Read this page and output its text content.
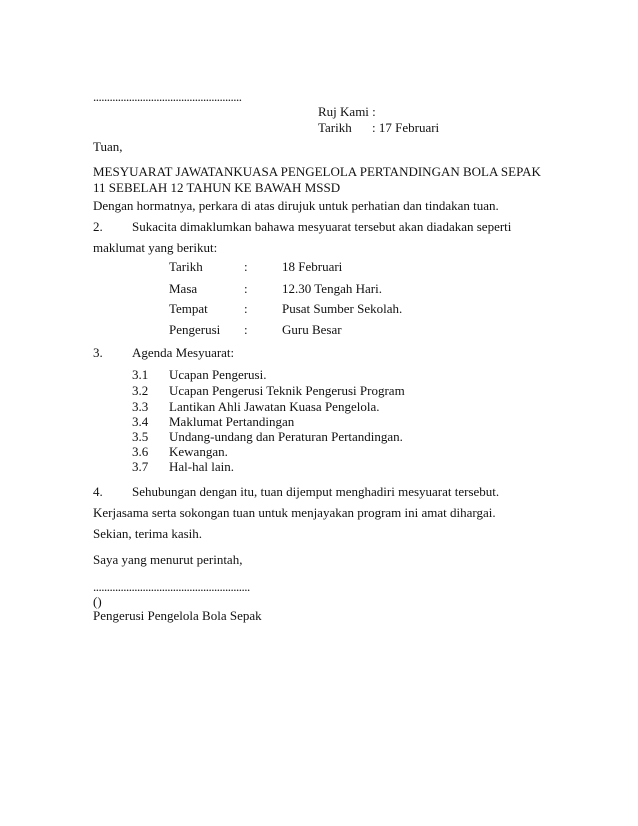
......................................................
Ruj Kami :
Tarikh : 17 Februari
Tuan,
MESYUARAT JAWATANKUASA PENGELOLA PERTANDINGAN BOLA SEPAK
11 SEBELAH 12 TAHUN KE BAWAH MSSD
Dengan hormatnya, perkara di atas dirujuk untuk perhatian dan tindakan tuan.
2. Sukacita dimaklumkan bahawa mesyuarat tersebut akan diadakan seperti
maklumat yang berikut:
Tarikh	:	18 Februari
Masa	:	12.30 Tengah Hari.
Tempat	:	Pusat Sumber Sekolah.
Pengerusi :	Guru Besar
3. Agenda Mesyuarat:
3.1 Ucapan Pengerusi.
3.2 Ucapan Pengerusi Teknik Pengerusi Program
3.3 Lantikan Ahli Jawatan Kuasa Pengelola.
3.4 Maklumat Pertandingan
3.5 Undang-undang dan Peraturan Pertandingan.
3.6 Kewangan.
3.7 Hal-hal lain.
4. Sehubungan dengan itu, tuan dijemput menghadiri mesyuarat tersebut.
Kerjasama serta sokongan tuan untuk menjayakan program ini amat dihargai.
Sekian, terima kasih.
Saya yang menurut perintah,
.........................................................
()
Pengerusi Pengelola Bola Sepak
